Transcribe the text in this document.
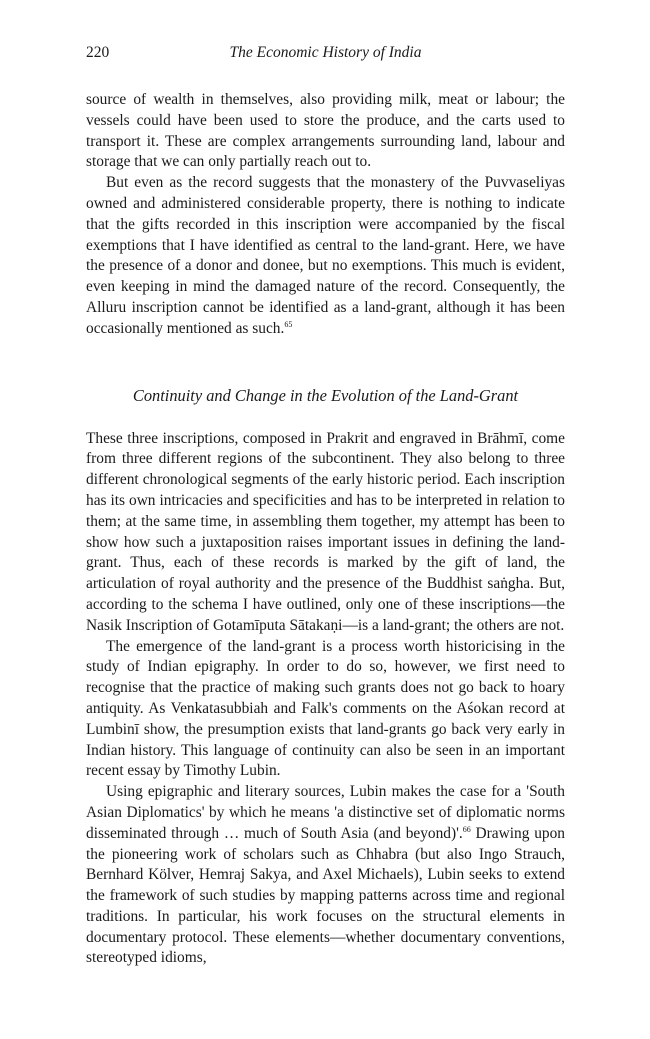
220	The Economic History of India

source of wealth in themselves, also providing milk, meat or labour; the vessels could have been used to store the produce, and the carts used to transport it. These are complex arrangements surrounding land, labour and storage that we can only partially reach out to.

But even as the record suggests that the monastery of the Puvvaseliyas owned and administered considerable property, there is nothing to indicate that the gifts recorded in this inscription were accompanied by the fiscal exemptions that I have identified as central to the land-grant. Here, we have the presence of a donor and donee, but no exemptions. This much is evident, even keeping in mind the damaged nature of the record. Consequently, the Alluru inscription cannot be identified as a land-grant, although it has been occasionally mentioned as such.$^{65}$

Continuity and Change in the Evolution of the Land-Grant

These three inscriptions, composed in Prakrit and engraved in Brāhmī, come from three different regions of the subcontinent. They also belong to three different chronological segments of the early historic period. Each inscription has its own intricacies and specificities and has to be interpreted in relation to them; at the same time, in assembling them together, my attempt has been to show how such a juxtaposition raises important issues in defining the land-grant. Thus, each of these records is marked by the gift of land, the articulation of royal authority and the presence of the Buddhist saṅgha. But, according to the schema I have outlined, only one of these inscriptions—the Nasik Inscription of Gotamīputa Sātakaṇi—is a land-grant; the others are not.

The emergence of the land-grant is a process worth historicising in the study of Indian epigraphy. In order to do so, however, we first need to recognise that the practice of making such grants does not go back to hoary antiquity. As Venkatasubbiah and Falk's comments on the Aśokan record at Lumbinī show, the presumption exists that land-grants go back very early in Indian history. This language of continuity can also be seen in an important recent essay by Timothy Lubin.

Using epigraphic and literary sources, Lubin makes the case for a 'South Asian Diplomatics' by which he means 'a distinctive set of diplomatic norms disseminated through … much of South Asia (and beyond)'.$^{66}$ Drawing upon the pioneering work of scholars such as Chhabra (but also Ingo Strauch, Bernhard Kölver, Hemraj Sakya, and Axel Michaels), Lubin seeks to extend the framework of such studies by mapping patterns across time and regional traditions. In particular, his work focuses on the structural elements in documentary protocol. These elements—whether documentary conventions, stereotyped idioms,
